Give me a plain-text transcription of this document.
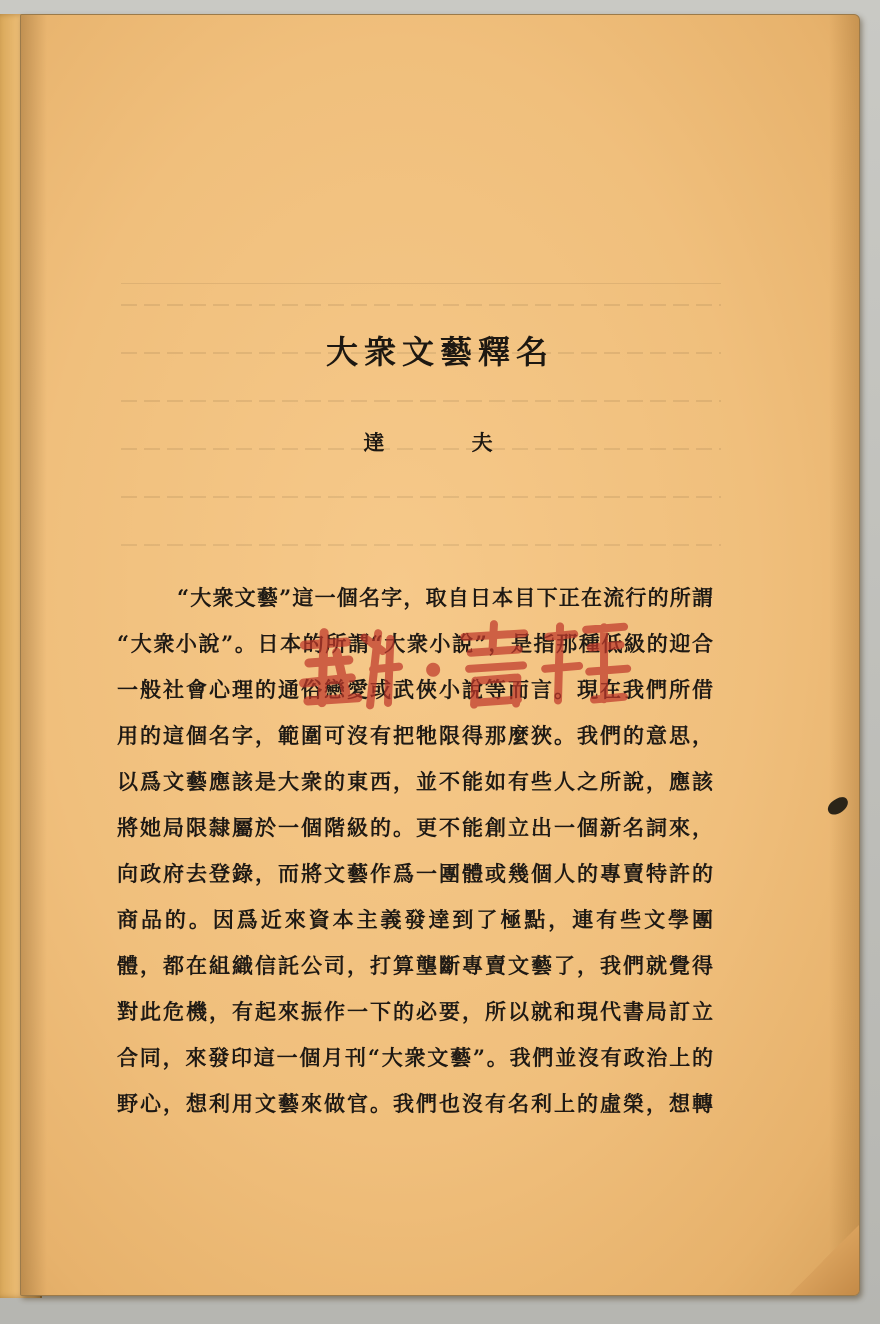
大衆文藝釋名
達 夫
“大衆文藝”這一個名字，取自日本目下正在流行的所謂
“大衆小說”。日本的所謂“大衆小說”，是指那種低級的迎合
一般社會心理的通俗戀愛或武俠小說等而言。現在我們所借
用的這個名字，範圍可沒有把牠限得那麼狹。我們的意思，
以爲文藝應該是大衆的東西，並不能如有些人之所說，應該
將她局限隸屬於一個階級的。更不能創立出一個新名詞來，
向政府去登錄，而將文藝作爲一團體或幾個人的專賣特許的
商品的。因爲近來資本主義發達到了極點，連有些文學團
體，都在組織信託公司，打算壟斷專賣文藝了，我們就覺得
對此危機，有起來振作一下的必要，所以就和現代書局訂立
合同，來發印這一個月刊“大衆文藝”。我們並沒有政治上的
野心，想利用文藝來做官。我們也沒有名利上的虛榮，想轉
